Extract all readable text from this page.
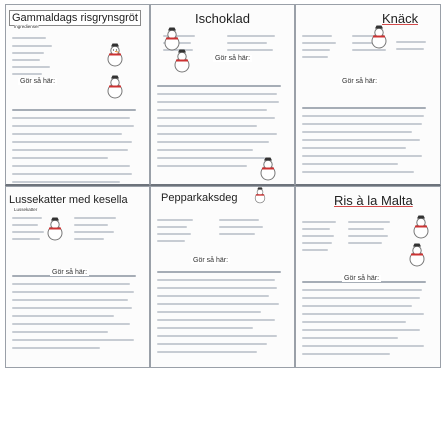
Gammaldags risgrynsgröt
Ingredienser
Gör så här:
Ischoklad
Gör så här:
Knäck
Gör så här:
Lussekatter med kesella
Lussekatter
Gör så här:
Pepparkaksdeg
Gör så här:
Ris à la Malta
Gör så här:
